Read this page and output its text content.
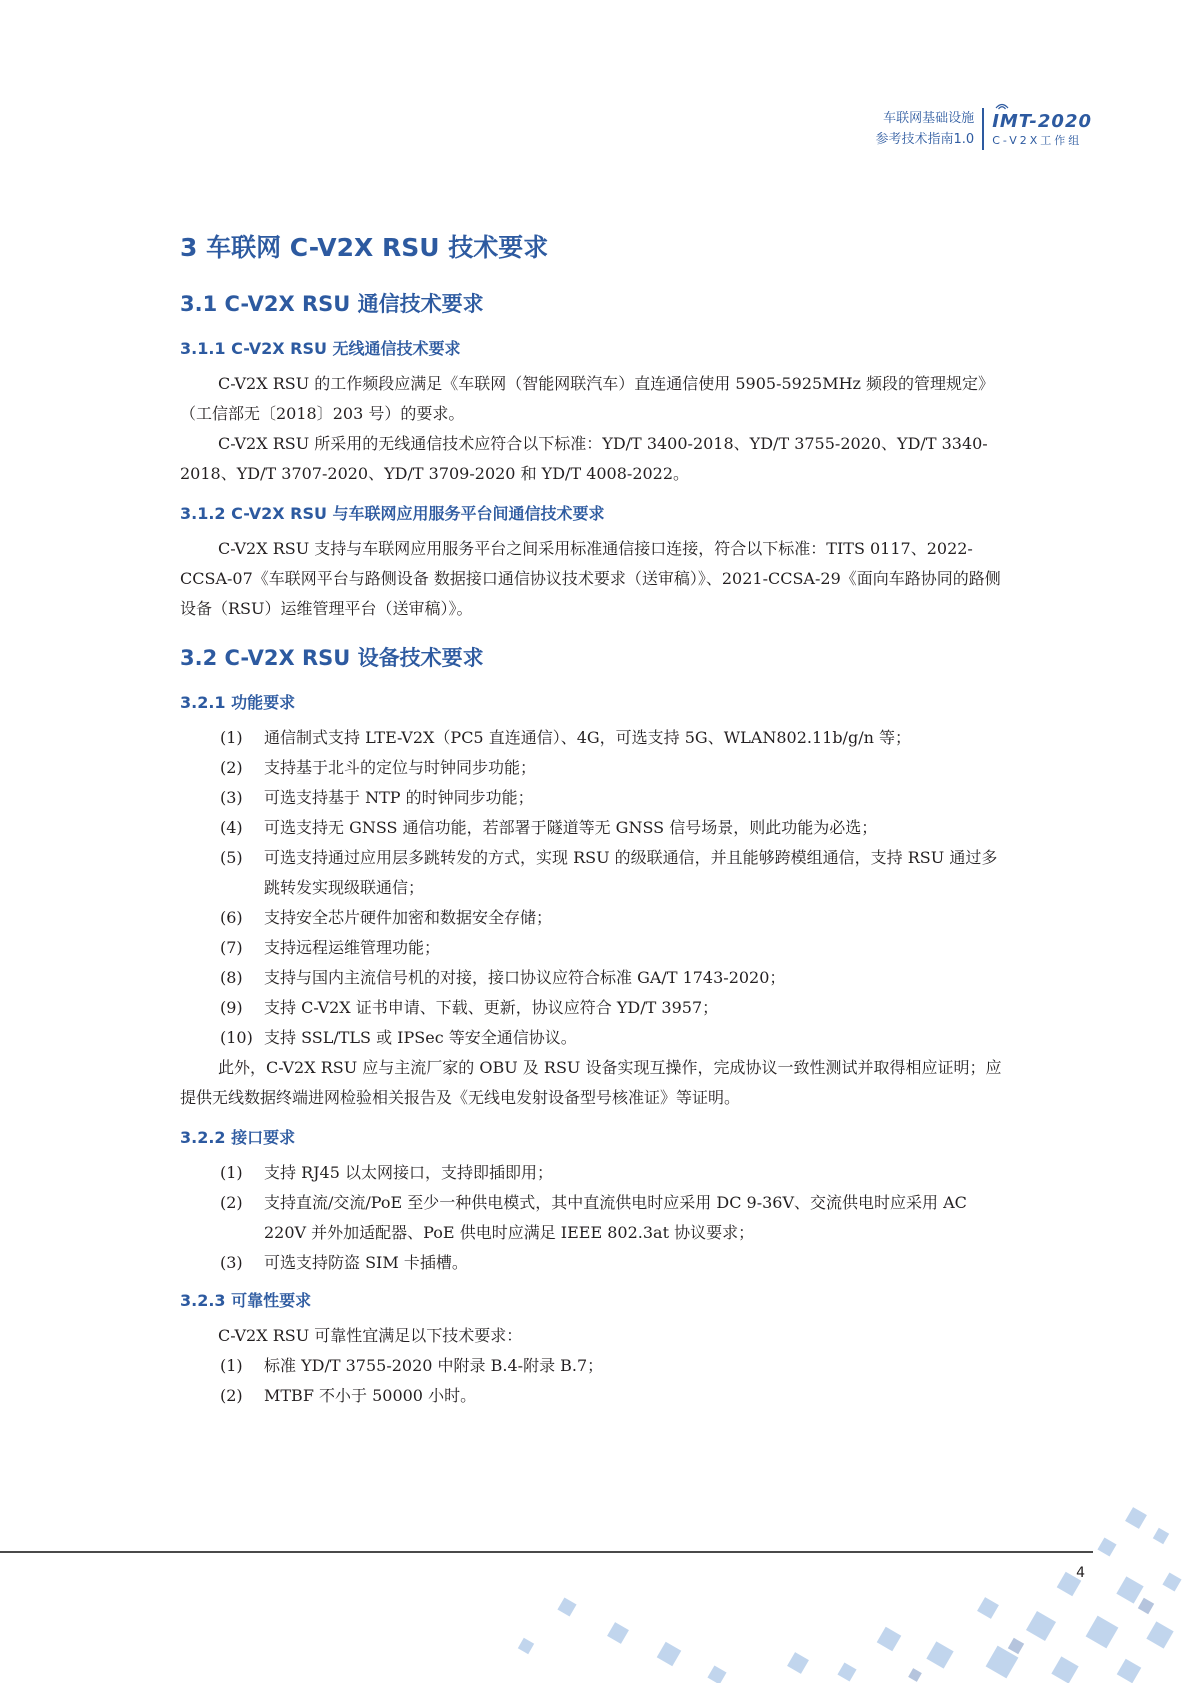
车联网基础设施
参考技术指南1.0
IMT-2020
C-V2X工作组
3 车联网 C-V2X RSU 技术要求
3.1 C-V2X RSU 通信技术要求
3.1.1 C-V2X RSU 无线通信技术要求

C-V2X RSU 的工作频段应满足《车联网（智能网联汽车）直连通信使用 5905-5925MHz 频段的管理规定》（工信部无〔2018〕203 号）的要求。

C-V2X RSU 所采用的无线通信技术应符合以下标准：YD/T 3400-2018、YD/T 3755-2020、YD/T 3340-2018、YD/T 3707-2020、YD/T 3709-2020 和 YD/T 4008-2022。

3.1.2 C-V2X RSU 与车联网应用服务平台间通信技术要求

C-V2X RSU 支持与车联网应用服务平台之间采用标准通信接口连接，符合以下标准：TITS 0117、2022-CCSA-07《车联网平台与路侧设备 数据接口通信协议技术要求（送审稿）》、2021-CCSA-29《面向车路协同的路侧设备（RSU）运维管理平台（送审稿）》。

3.2 C-V2X RSU 设备技术要求
3.2.1 功能要求
(1)	通信制式支持 LTE-V2X（PC5 直连通信）、4G，可选支持 5G、WLAN802.11b/g/n 等；
(2)	支持基于北斗的定位与时钟同步功能；
(3)	可选支持基于 NTP 的时钟同步功能；
(4)	可选支持无 GNSS 通信功能，若部署于隧道等无 GNSS 信号场景，则此功能为必选；
(5)	可选支持通过应用层多跳转发的方式，实现 RSU 的级联通信，并且能够跨模组通信，支持 RSU 通过多跳转发实现级联通信；
(6)	支持安全芯片硬件加密和数据安全存储；
(7)	支持远程运维管理功能；
(8)	支持与国内主流信号机的对接，接口协议应符合标准 GA/T 1743-2020；
(9)	支持 C-V2X 证书申请、下载、更新，协议应符合 YD/T 3957；
(10) 支持 SSL/TLS 或 IPSec 等安全通信协议。

此外，C-V2X RSU 应与主流厂家的 OBU 及 RSU 设备实现互操作，完成协议一致性测试并取得相应证明；应提供无线数据终端进网检验相关报告及《无线电发射设备型号核准证》等证明。

3.2.2 接口要求
(1)	支持 RJ45 以太网接口，支持即插即用；
(2)	支持直流/交流/PoE 至少一种供电模式，其中直流供电时应采用 DC 9-36V、交流供电时应采用 AC 220V 并外加适配器、PoE 供电时应满足 IEEE 802.3at 协议要求；
(3)	可选支持防盗 SIM 卡插槽。
3.2.3 可靠性要求

C-V2X RSU 可靠性宜满足以下技术要求：

(1)	标准 YD/T 3755-2020 中附录 B.4-附录 B.7；
(2)	MTBF 不小于 50000 小时。
4
